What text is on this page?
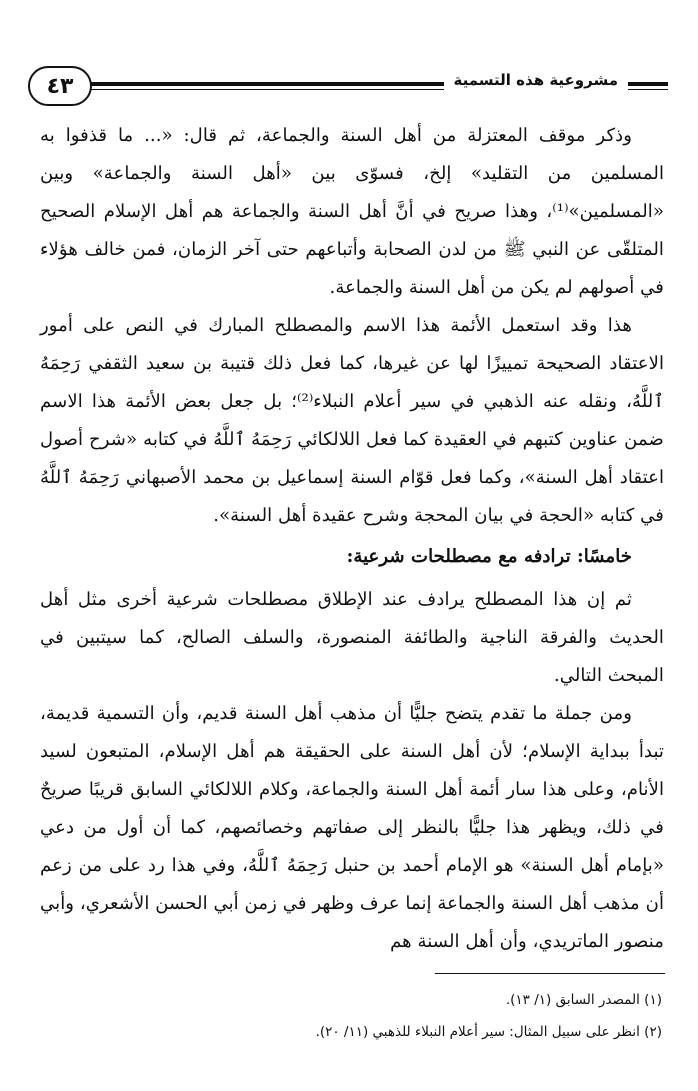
٤٣	مشروعية هذه التسمية

وذكر موقف المعتزلة من أهل السنة والجماعة، ثم قال: «... ما قذفوا به المسلمين من التقليد» إلخ، فسوّى بين «أهل السنة والجماعة» وبين «المسلمين»⁽¹⁾، وهذا صريح في أنَّ أهل السنة والجماعة هم أهل الإسلام الصحيح المتلقّى عن النبي ﷺ من لدن الصحابة وأتباعهم حتى آخر الزمان، فمن خالف هؤلاء في أصولهم لم يكن من أهل السنة والجماعة.

هذا وقد استعمل الأئمة هذا الاسم والمصطلح المبارك في النص على أمور الاعتقاد الصحيحة تمييزًا لها عن غيرها، كما فعل ذلك قتيبة بن سعيد الثقفي رَحِمَهُ ٱللَّهُ، ونقله عنه الذهبي في سير أعلام النبلاء⁽²⁾؛ بل جعل بعض الأئمة هذا الاسم ضمن عناوين كتبهم في العقيدة كما فعل اللالكائي رَحِمَهُ ٱللَّهُ في كتابه «شرح أصول اعتقاد أهل السنة»، وكما فعل قوّام السنة إسماعيل بن محمد الأصبهاني رَحِمَهُ ٱللَّهُ في كتابه «الحجة في بيان المحجة وشرح عقيدة أهل السنة».

خامسًا: ترادفه مع مصطلحات شرعية:

ثم إن هذا المصطلح يرادف عند الإطلاق مصطلحات شرعية أخرى مثل أهل الحديث والفرقة الناجية والطائفة المنصورة، والسلف الصالح، كما سيتبين في المبحث التالي.

ومن جملة ما تقدم يتضح جليًّا أن مذهب أهل السنة قديم، وأن التسمية قديمة، تبدأ ببداية الإسلام؛ لأن أهل السنة على الحقيقة هم أهل الإسلام، المتبعون لسيد الأنام، وعلى هذا سار أئمة أهل السنة والجماعة، وكلام اللالكائي السابق قريبًا صريحٌ في ذلك، ويظهر هذا جليًّا بالنظر إلى صفاتهم وخصائصهم، كما أن أول من دعي «بإمام أهل السنة» هو الإمام أحمد بن حنبل رَحِمَهُ ٱللَّهُ، وفي هذا رد على من زعم أن مذهب أهل السنة والجماعة إنما عرف وظهر في زمن أبي الحسن الأشعري، وأبي منصور الماتريدي، وأن أهل السنة هم

(١) المصدر السابق (١/ ١٣).

(٢) انظر على سبيل المثال: سير أعلام النبلاء للذهبي (١١/ ٢٠).
